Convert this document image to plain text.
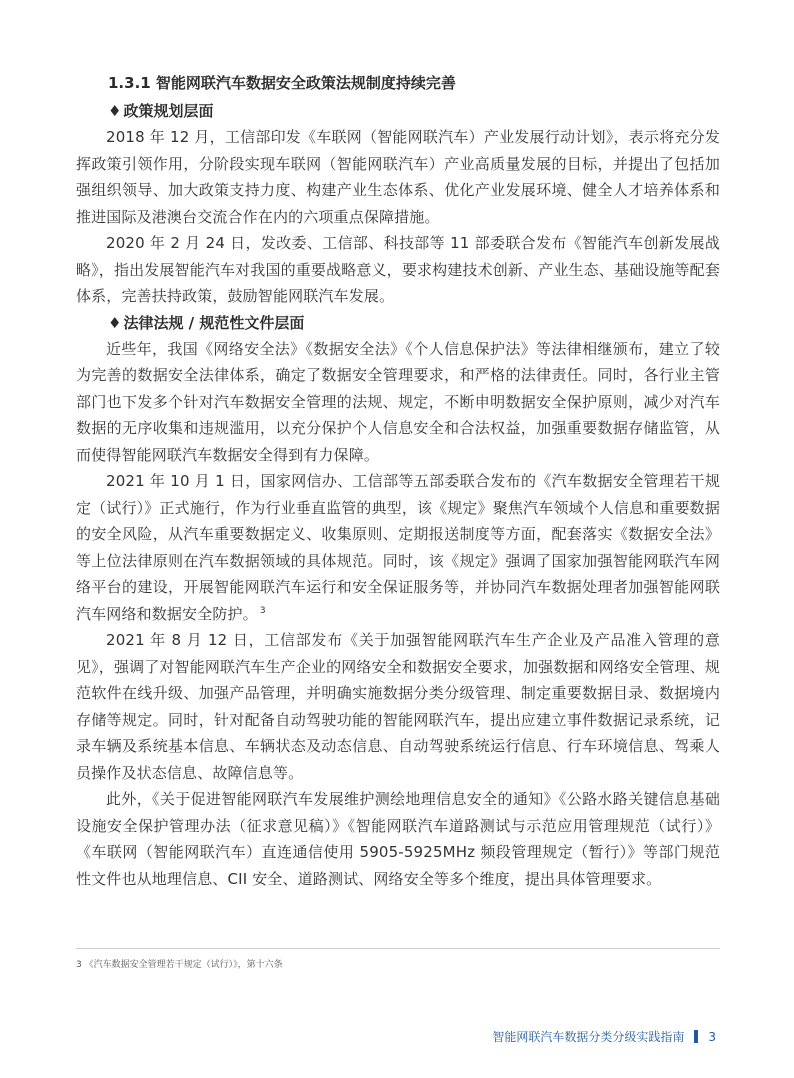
1.3.1 智能网联汽车数据安全政策法规制度持续完善
♦ 政策规划层面

2018 年 12 月，工信部印发《车联网（智能网联汽车）产业发展行动计划》，表示将充分发挥政策引领作用，分阶段实现车联网（智能网联汽车）产业高质量发展的目标，并提出了包括加强组织领导、加大政策支持力度、构建产业生态体系、优化产业发展环境、健全人才培养体系和推进国际及港澳台交流合作在内的六项重点保障措施。

2020 年 2 月 24 日，发改委、工信部、科技部等 11 部委联合发布《智能汽车创新发展战略》，指出发展智能汽车对我国的重要战略意义，要求构建技术创新、产业生态、基础设施等配套体系，完善扶持政策，鼓励智能网联汽车发展。

♦ 法律法规 / 规范性文件层面

近些年，我国《网络安全法》《数据安全法》《个人信息保护法》等法律相继颁布，建立了较为完善的数据安全法律体系，确定了数据安全管理要求，和严格的法律责任。同时，各行业主管部门也下发多个针对汽车数据安全管理的法规、规定，不断申明数据安全保护原则，减少对汽车数据的无序收集和违规滥用，以充分保护个人信息安全和合法权益，加强重要数据存储监管，从而使得智能网联汽车数据安全得到有力保障。

2021 年 10 月 1 日，国家网信办、工信部等五部委联合发布的《汽车数据安全管理若干规定（试行）》正式施行，作为行业垂直监管的典型，该《规定》聚焦汽车领域个人信息和重要数据的安全风险，从汽车重要数据定义、收集原则、定期报送制度等方面，配套落实《数据安全法》等上位法律原则在汽车数据领域的具体规范。同时，该《规定》强调了国家加强智能网联汽车网络平台的建设，开展智能网联汽车运行和安全保证服务等，并协同汽车数据处理者加强智能网联汽车网络和数据安全防护。 $^3$

2021 年 8 月 12 日，工信部发布《关于加强智能网联汽车生产企业及产品准入管理的意见》，强调了对智能网联汽车生产企业的网络安全和数据安全要求，加强数据和网络安全管理、规范软件在线升级、加强产品管理，并明确实施数据分类分级管理、制定重要数据目录、数据境内存储等规定。同时，针对配备自动驾驶功能的智能网联汽车，提出应建立事件数据记录系统，记录车辆及系统基本信息、车辆状态及动态信息、自动驾驶系统运行信息、行车环境信息、驾乘人员操作及状态信息、故障信息等。

此外，《关于促进智能网联汽车发展维护测绘地理信息安全的通知》《公路水路关键信息基础设施安全保护管理办法（征求意见稿）》《智能网联汽车道路测试与示范应用管理规范（试行）》《车联网（智能网联汽车）直连通信使用 5905-5925MHz 频段管理规定（暂行）》等部门规范性文件也从地理信息、CII 安全、道路测试、网络安全等多个维度，提出具体管理要求。

3 《汽车数据安全管理若干规定（试行）》，第十六条
智能网联汽车数据分类分级实践指南 3
